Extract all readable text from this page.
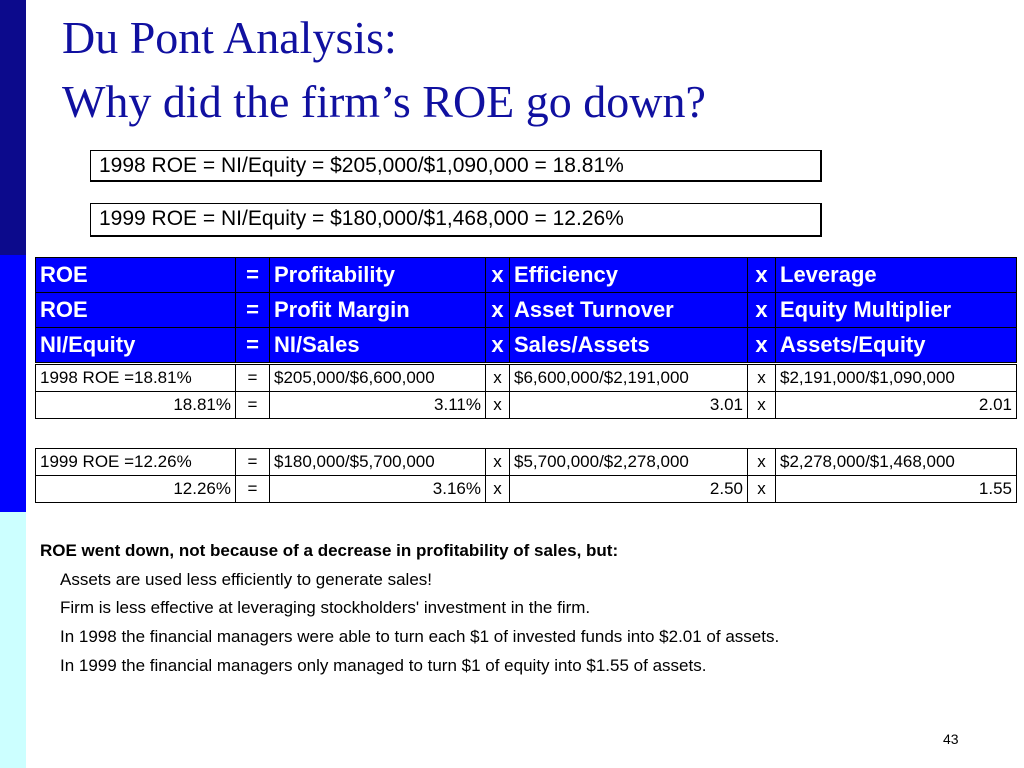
Du Pont Analysis:
Why did the firm’s ROE go down?
1998 ROE = NI/Equity = $205,000/$1,090,000 = 18.81%
1999 ROE = NI/Equity = $180,000/$1,468,000 = 12.26%
ROE	=	Profitability	x	Efficiency	x	Leverage
ROE	=	Profit Margin	x	Asset Turnover	x	Equity Multiplier
NI/Equity	=	NI/Sales	x	Sales/Assets	x	Assets/Equity
1998 ROE =18.81%	=	$205,000/$6,600,000	x	$6,600,000/$2,191,000	x	$2,191,000/$1,090,000
18.81%	=	3.11%	x	3.01	x	2.01
1999 ROE =12.26%	=	$180,000/$5,700,000	x	$5,700,000/$2,278,000	x	$2,278,000/$1,468,000
12.26%	=	3.16%	x	2.50	x	1.55
ROE went down, not because of a decrease in profitability of sales, but:
Assets are used less efficiently to generate sales!
Firm is less effective at leveraging stockholders' investment in the firm.
In 1998 the financial managers were able to turn each $1 of invested funds into $2.01 of assets.
In 1999 the financial managers only managed to turn $1 of equity into $1.55 of assets.
43
